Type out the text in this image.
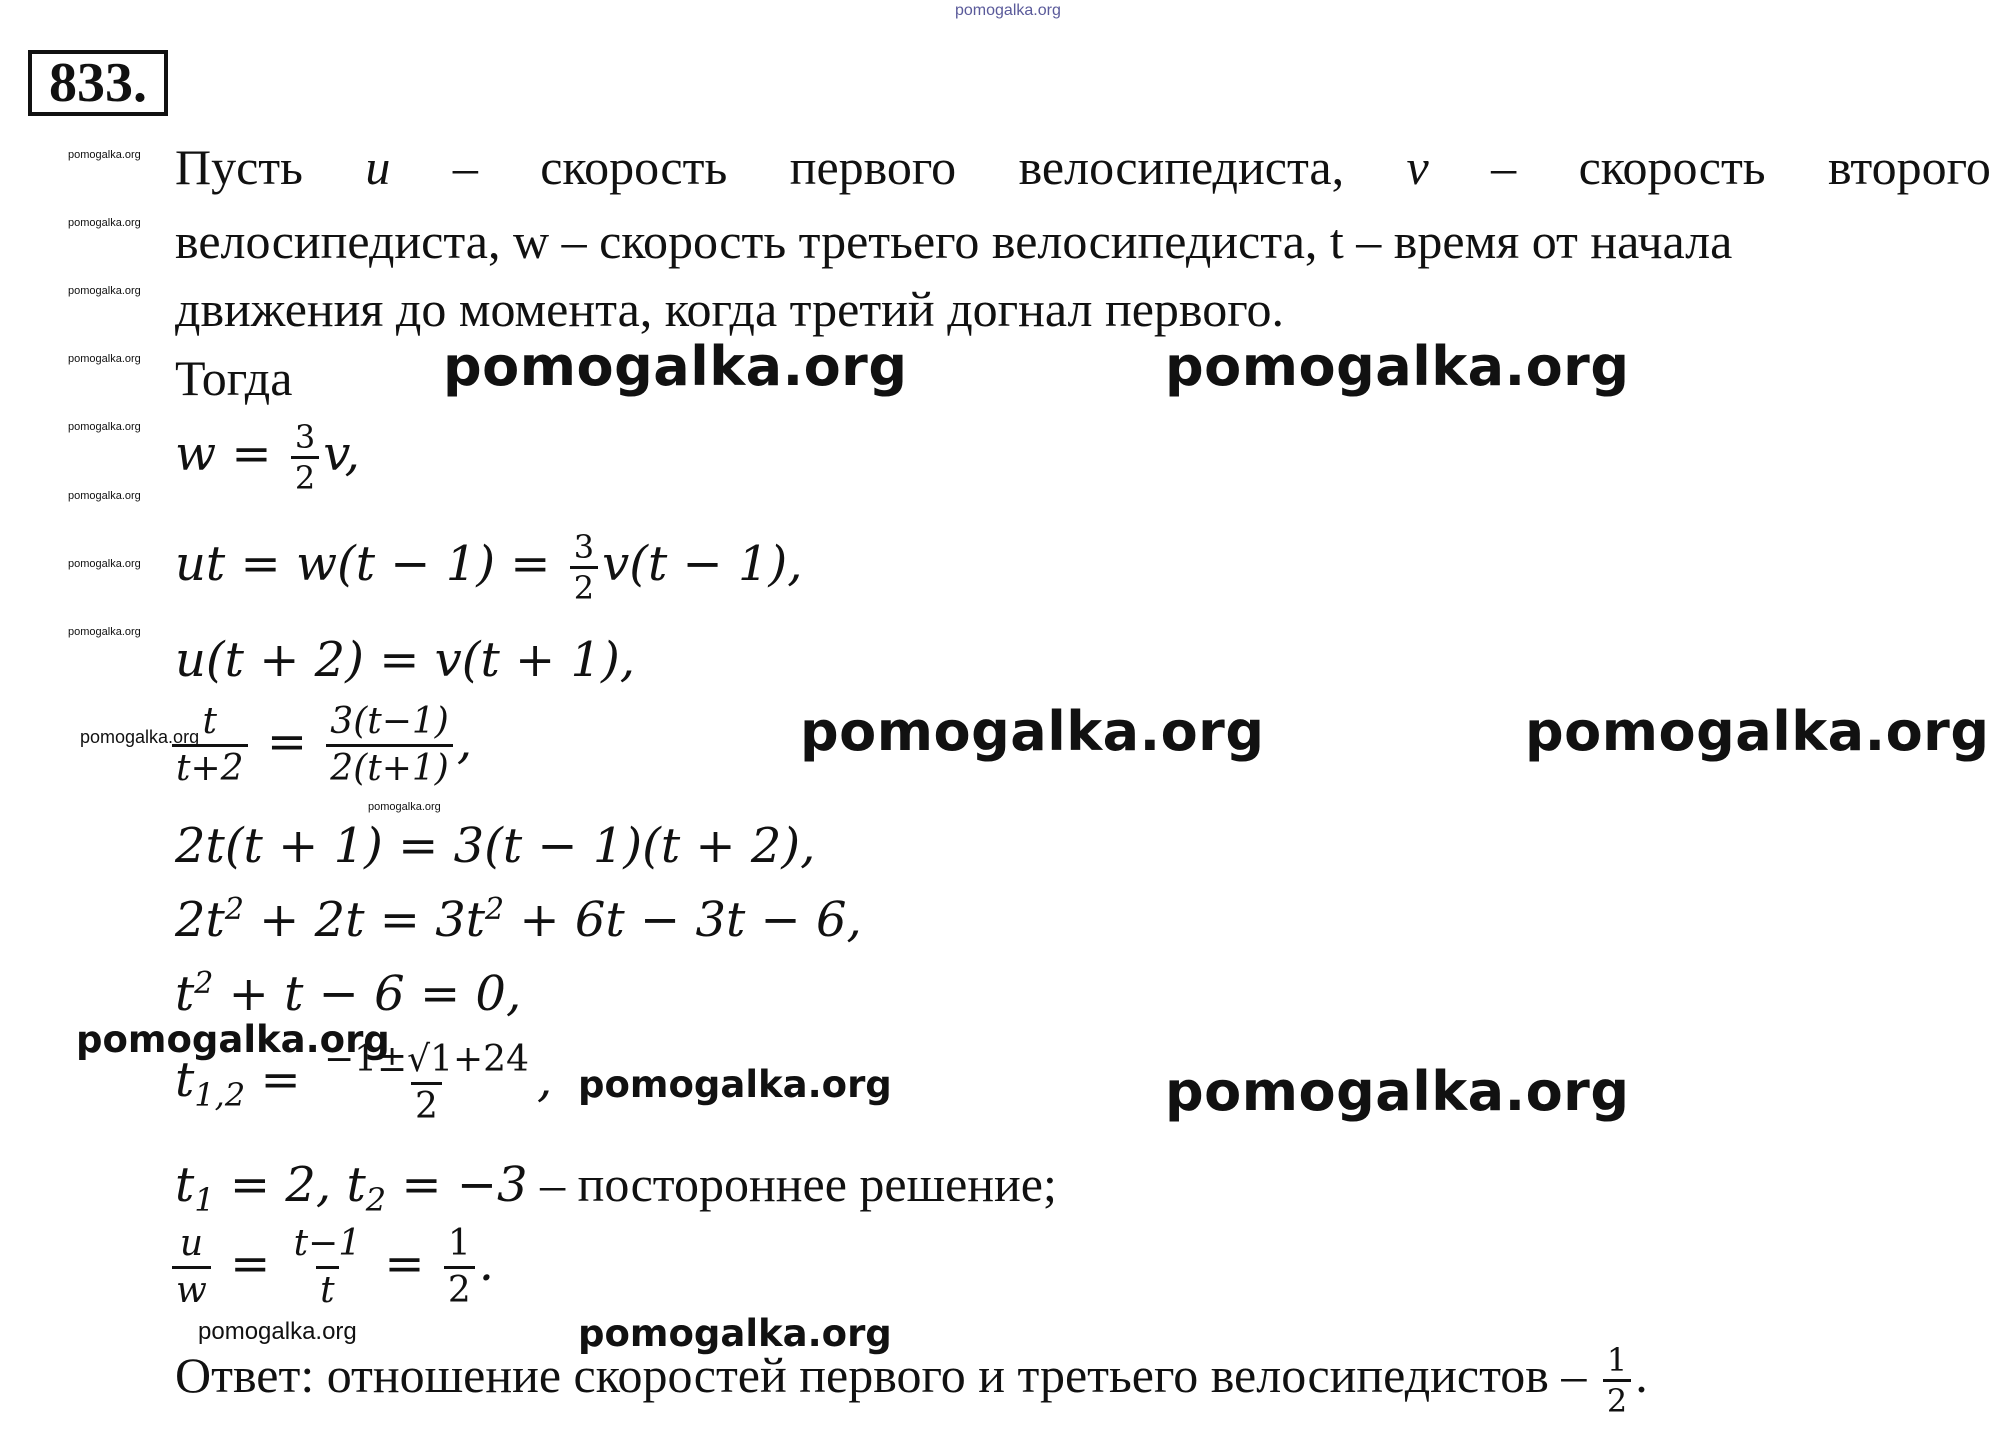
pomogalka.org
833.
pomogalka.org
pomogalka.org
pomogalka.org
pomogalka.org
pomogalka.org
pomogalka.org
pomogalka.org
pomogalka.org
Пусть u – скорость первого велосипедиста, v – скорость второго
велосипедиста, w – скорость третьего велосипедиста, t – время от начала
движения до момента, когда третий догнал первого.
Тогда	pomogalka.org	pomogalka.org
$w = \frac{3}{2} v$,
ut = $w(t - 1) = \frac{3}{2} v(t - 1)$,
u(t + 2) = v(t + 1),
pomogalka.org
$\frac{t}{t+2} = \frac{3(t-1)}{2(t+1)}$ ,
pomogalka.org
pomogalka.org	pomogalka.org
2t(t + 1) = 3(t − 1)(t + 2),
$2t^2 + 2t = 3t^2 + 6t - 3t - 6$,
$t^2 + t - 6 = 0$,
pomogalka.org
$t_{1,2} = \frac{-1\pm√1+24}{2}$ , pomogalka.org	pomogalka.org
$t_1 = 2$, $t_2 = -3$ – постороннее решение;
$\frac{u}{w} = \frac{t-1}{t} = \frac{1}{2}$ .
pomogalka.org	pomogalka.org
Ответ: отношение скоростей первого и третьего велосипедистов – $\frac{1}{2}$ .
